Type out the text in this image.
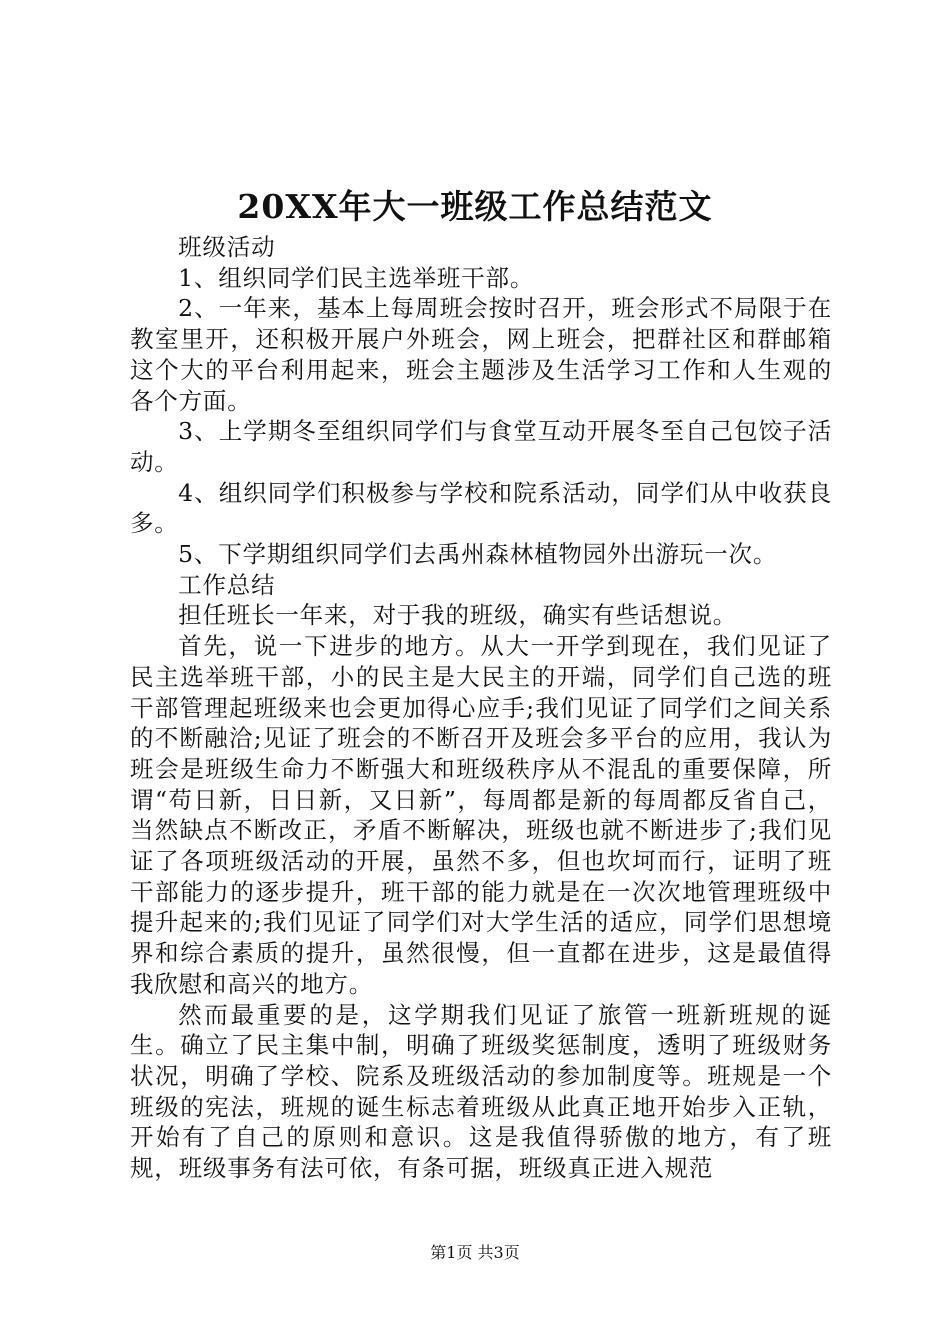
20XX年大一班级工作总结范文

班级活动

1、组织同学们民主选举班干部。

2、一年来，基本上每周班会按时召开，班会形式不局限于在教室里开，还积极开展户外班会，网上班会，把群社区和群邮箱这个大的平台利用起来，班会主题涉及生活学习工作和人生观的各个方面。

3、上学期冬至组织同学们与食堂互动开展冬至自己包饺子活动。

4、组织同学们积极参与学校和院系活动，同学们从中收获良多。

5、下学期组织同学们去禹州森林植物园外出游玩一次。

工作总结

担任班长一年来，对于我的班级，确实有些话想说。

首先，说一下进步的地方。从大一开学到现在，我们见证了民主选举班干部，小的民主是大民主的开端，同学们自己选的班干部管理起班级来也会更加得心应手;我们见证了同学们之间关系的不断融洽;见证了班会的不断召开及班会多平台的应用，我认为班会是班级生命力不断强大和班级秩序从不混乱的重要保障，所谓“苟日新，日日新，又日新”，每周都是新的每周都反省自己，当然缺点不断改正，矛盾不断解决，班级也就不断进步了;我们见证了各项班级活动的开展，虽然不多，但也坎坷而行，证明了班干部能力的逐步提升，班干部的能力就是在一次次地管理班级中提升起来的;我们见证了同学们对大学生活的适应，同学们思想境界和综合素质的提升，虽然很慢，但一直都在进步，这是最值得我欣慰和高兴的地方。

然而最重要的是，这学期我们见证了旅管一班新班规的诞生。确立了民主集中制，明确了班级奖惩制度，透明了班级财务状况，明确了学校、院系及班级活动的参加制度等。班规是一个班级的宪法，班规的诞生标志着班级从此真正地开始步入正轨，开始有了自己的原则和意识。这是我值得骄傲的地方，有了班规，班级事务有法可依，有条可据，班级真正进入规范

第1页 共3页
